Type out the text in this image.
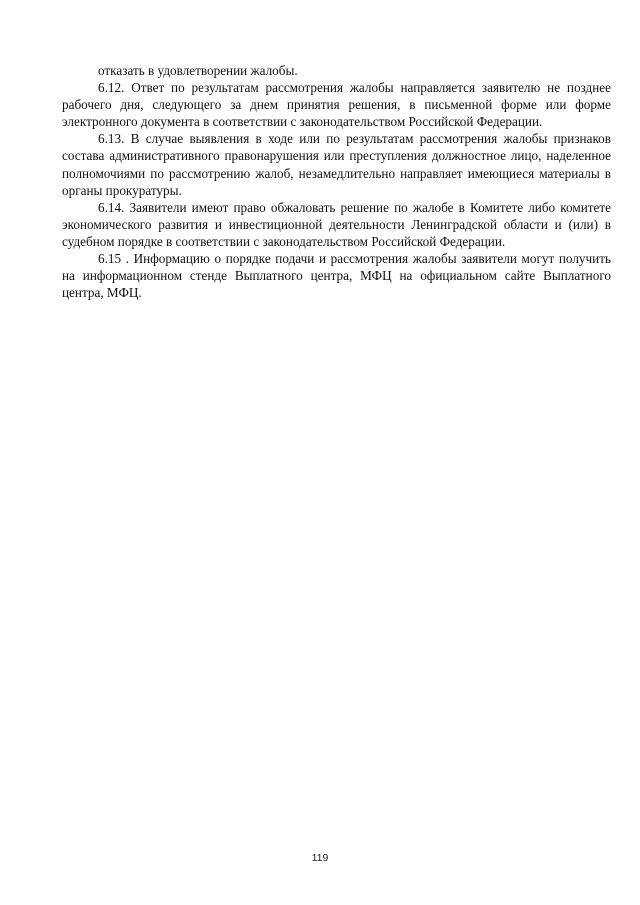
отказать в удовлетворении жалобы.

6.12. Ответ по результатам рассмотрения жалобы направляется заявителю не позднее рабочего дня, следующего за днем принятия решения, в письменной форме или форме электронного документа в соответствии с законодательством Российской Федерации.

6.13. В случае выявления в ходе или по результатам рассмотрения жалобы признаков состава административного правонарушения или преступления должностное лицо, наделенное полномочиями по рассмотрению жалоб, незамедлительно направляет имеющиеся материалы в органы прокуратуры.

6.14. Заявители имеют право обжаловать решение по жалобе в Комитете либо комитете экономического развития и инвестиционной деятельности Ленинградской области и (или) в судебном порядке в соответствии с законодательством Российской Федерации.

6.15 . Информацию о порядке подачи и рассмотрения жалобы заявители могут получить на информационном стенде Выплатного центра, МФЦ на официальном сайте Выплатного центра, МФЦ.

119
